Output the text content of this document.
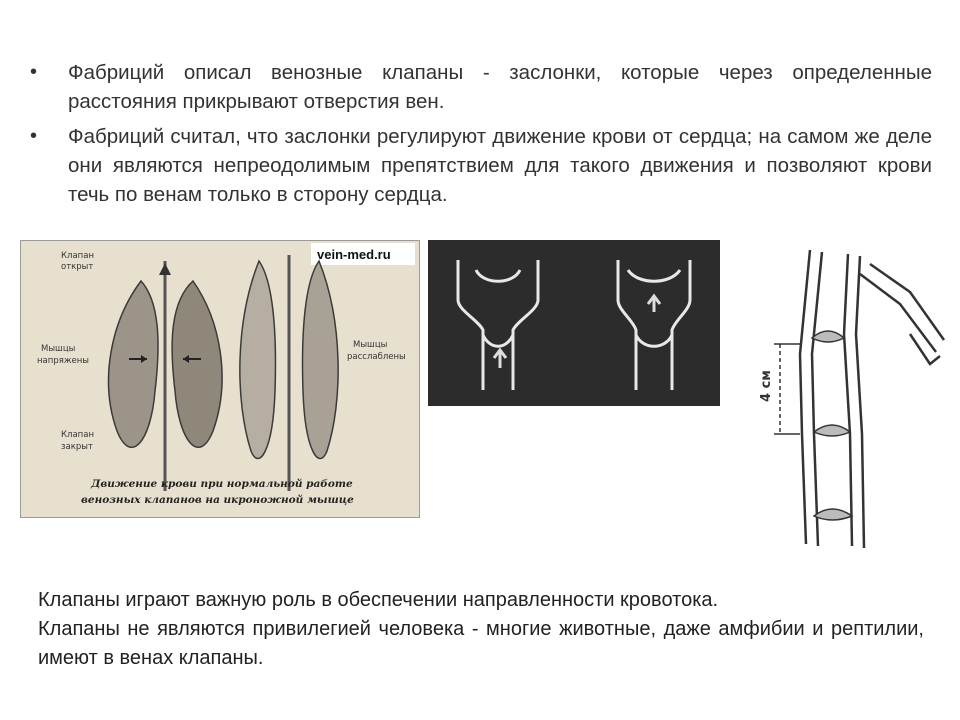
• Фабриций описал венозные клапаны - заслонки, которые через определенные расстояния прикрывают отверстия вен.
• Фабриций считал, что заслонки регулируют движение крови от сердца; на самом же деле они являются непреодолимым препятствием для такого движения и позволяют крови течь по венам только в сторону сердца.
vein-med.ru
Клапан
открыт
Мышцы
напряжены
Мышцы
расслаблены
Клапан
закрыт
Движение крови при нормальной работе
венозных клапанов на икроножной мышце
4 см

Клапаны играют важную роль в обеспечении направленности кровотока.

Клапаны не являются привилегией человека - многие животные, даже амфибии и рептилии, имеют в венах клапаны.
